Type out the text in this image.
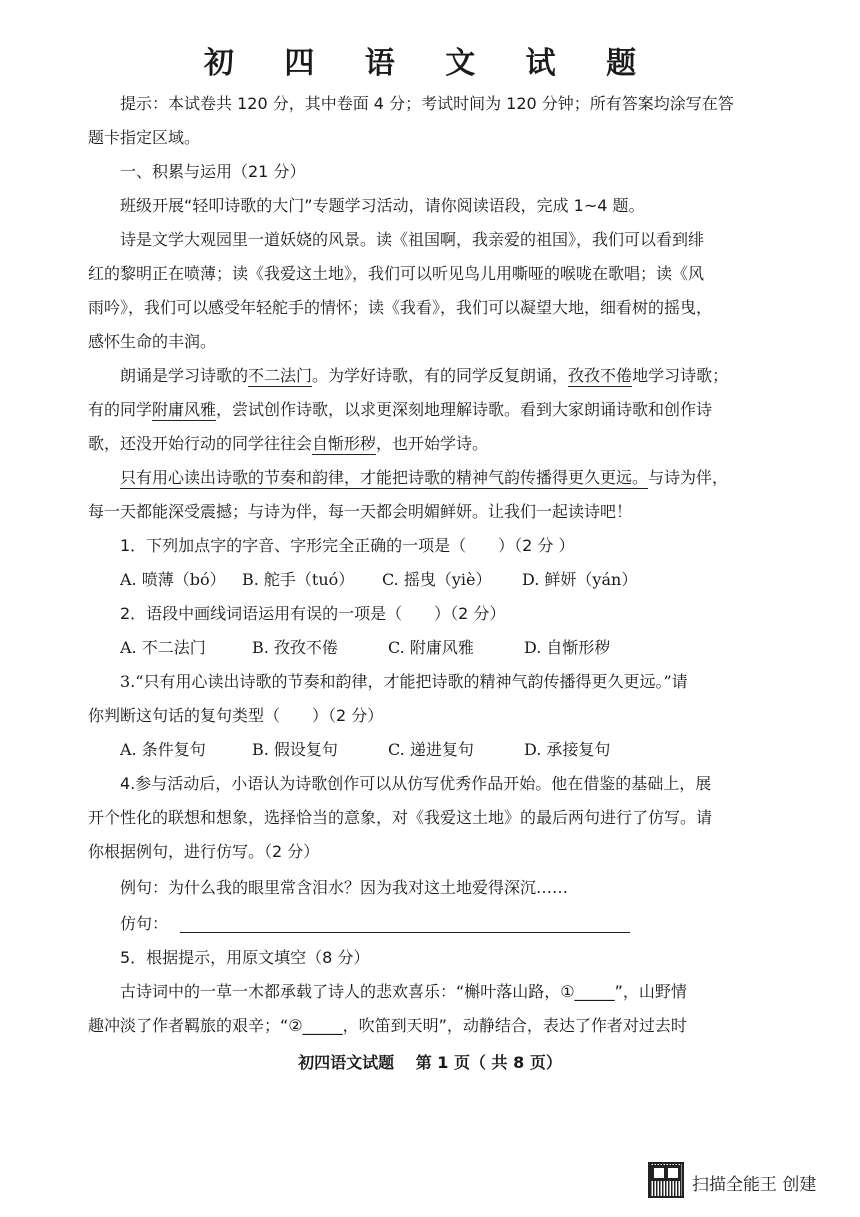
初 四 语 文 试 题
提示：本试卷共 120 分，其中卷面 4 分；考试时间为 120 分钟；所有答案均涂写在答
题卡指定区域。
一、积累与运用（21 分）
班级开展“轻叩诗歌的大门”专题学习活动，请你阅读语段，完成 1~4 题。
诗是文学大观园里一道妖娆的风景。读《祖国啊，我亲爱的祖国》，我们可以看到绯
红的黎明正在喷薄；读《我爱这土地》，我们可以听见鸟儿用嘶哑的喉咙在歌唱；读《风
雨吟》，我们可以感受年轻舵手的情怀；读《我看》，我们可以凝望大地，细看树的摇曳，
感怀生命的丰润。
朗诵是学习诗歌的不二法门。为学好诗歌，有的同学反复朗诵，孜孜不倦地学习诗歌；
有的同学附庸风雅，尝试创作诗歌，以求更深刻地理解诗歌。看到大家朗诵诗歌和创作诗
歌，还没开始行动的同学往往会自惭形秽，也开始学诗。
只有用心读出诗歌的节奏和韵律，才能把诗歌的精神气韵传播得更久更远。与诗为伴，
每一天都能深受震撼；与诗为伴，每一天都会明媚鲜妍。让我们一起读诗吧！
1．下列加点字的字音、字形完全正确的一项是（　　）（2 分 ）
A. 喷薄（bó） B. 舵手（tuó） C. 摇曳（yiè） D. 鲜妍（yán）
2．语段中画线词语运用有误的一项是（　　）（2 分）
A. 不二法门	B. 孜孜不倦	C. 附庸风雅	D. 自惭形秽
3.“只有用心读出诗歌的节奏和韵律，才能把诗歌的精神气韵传播得更久更远。”请
你判断这句话的复句类型（　　）（2 分）
A. 条件复句	B. 假设复句	C. 递进复句	D. 承接复句
4.参与活动后，小语认为诗歌创作可以从仿写优秀作品开始。他在借鉴的基础上，展
开个性化的联想和想象，选择恰当的意象，对《我爱这土地》的最后两句进行了仿写。请
你根据例句，进行仿写。（2 分）
例句：为什么我的眼里常含泪水？因为我对这土地爱得深沉……
仿句：
5．根据提示，用原文填空（8 分）
古诗词中的一草一木都承载了诗人的悲欢喜乐：“槲叶落山路，①_____”，山野情
趣冲淡了作者羁旅的艰辛；“②_____，吹笛到天明”，动静结合，表达了作者对过去时
初四语文试题　 第 1 页（ 共 8 页）
扫描全能王 创建
